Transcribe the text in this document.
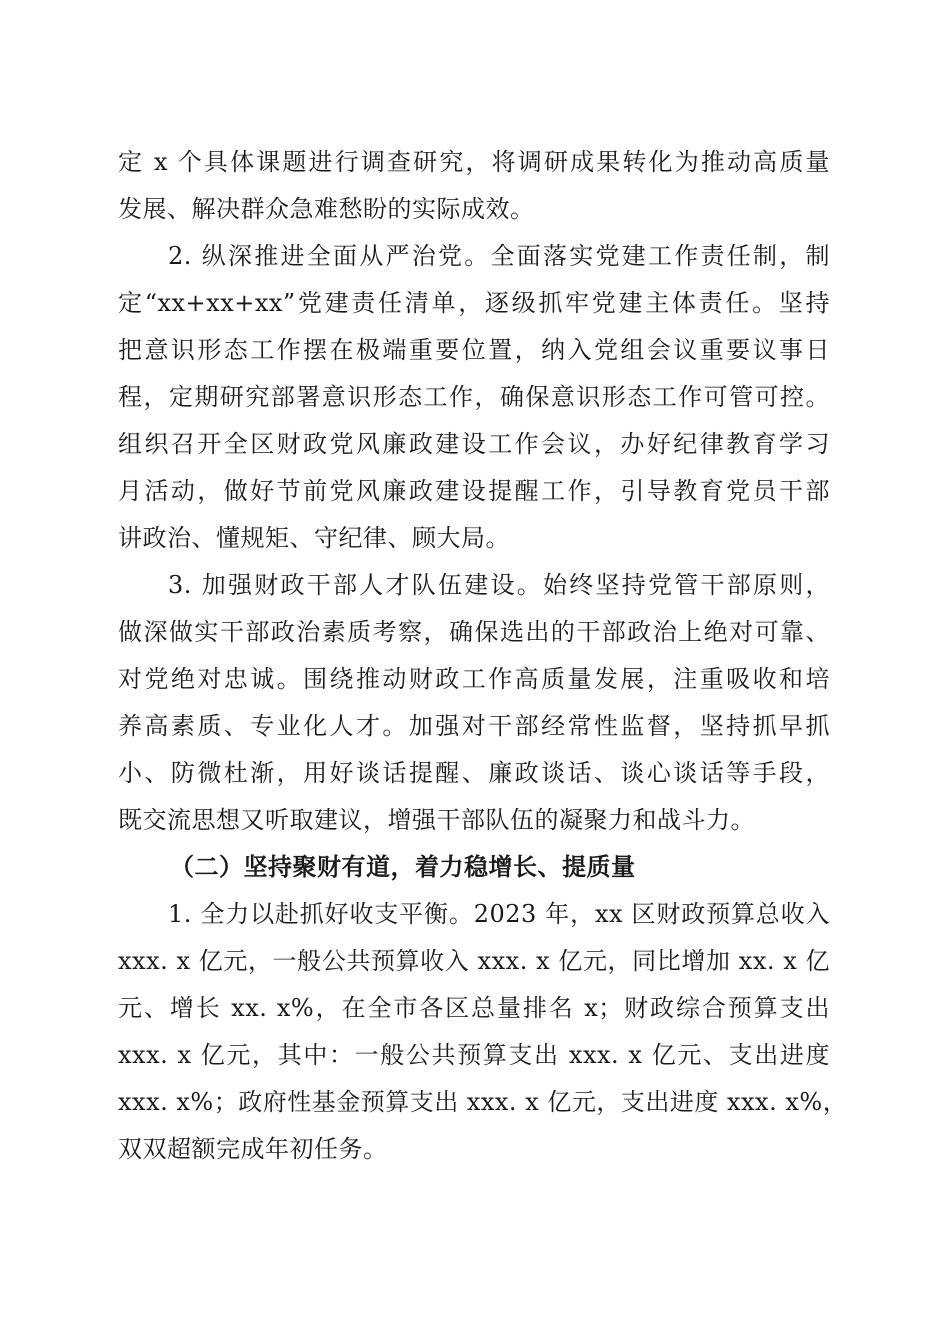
定 x 个具体课题进行调查研究，将调研成果转化为推动高质量
发展、解决群众急难愁盼的实际成效。
2. 纵深推进全面从严治党。全面落实党建工作责任制，制
定“xx+xx+xx”党建责任清单，逐级抓牢党建主体责任。坚持
把意识形态工作摆在极端重要位置，纳入党组会议重要议事日
程，定期研究部署意识形态工作，确保意识形态工作可管可控。
组织召开全区财政党风廉政建设工作会议，办好纪律教育学习
月活动，做好节前党风廉政建设提醒工作，引导教育党员干部
讲政治、懂规矩、守纪律、顾大局。
3. 加强财政干部人才队伍建设。始终坚持党管干部原则，
做深做实干部政治素质考察，确保选出的干部政治上绝对可靠、
对党绝对忠诚。围绕推动财政工作高质量发展，注重吸收和培
养高素质、专业化人才。加强对干部经常性监督，坚持抓早抓
小、防微杜渐，用好谈话提醒、廉政谈话、谈心谈话等手段，
既交流思想又听取建议，增强干部队伍的凝聚力和战斗力。
（二）坚持聚财有道，着力稳增长、提质量
1. 全力以赴抓好收支平衡。2023 年，xx 区财政预算总收入
xxx. x 亿元，一般公共预算收入 xxx. x 亿元，同比增加 xx. x 亿
元、增长 xx. x%，在全市各区总量排名 x；财政综合预算支出
xxx. x 亿元，其中：一般公共预算支出 xxx. x 亿元、支出进度
xxx. x%；政府性基金预算支出 xxx. x 亿元，支出进度 xxx. x%，
双双超额完成年初任务。
